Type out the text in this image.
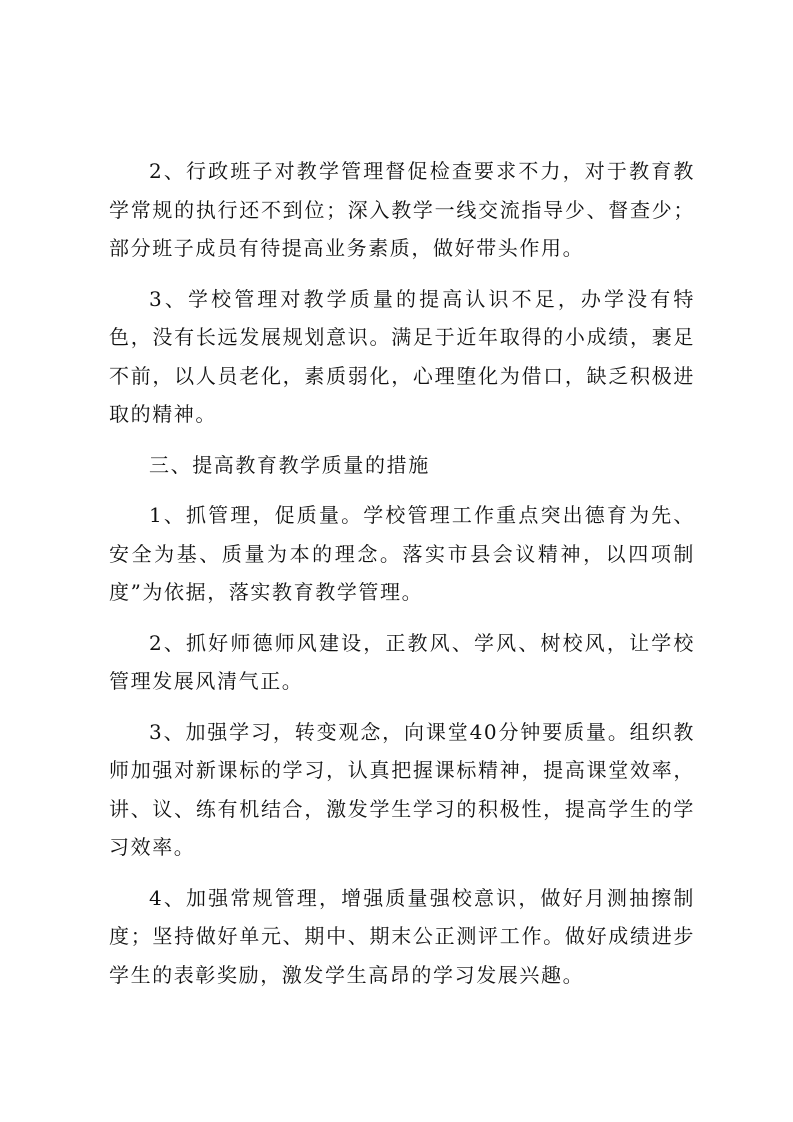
2、行政班子对教学管理督促检查要求不力，对于教育教学常规的执行还不到位；深入教学一线交流指导少、督查少；部分班子成员有待提高业务素质，做好带头作用。

3、学校管理对教学质量的提高认识不足，办学没有特色，没有长远发展规划意识。满足于近年取得的小成绩，裹足不前，以人员老化，素质弱化，心理堕化为借口，缺乏积极进取的精神。

三、提高教育教学质量的措施

1、抓管理，促质量。学校管理工作重点突出德育为先、安全为基、质量为本的理念。落实市县会议精神，以四项制度”为依据，落实教育教学管理。

2、抓好师德师风建设，正教风、学风、树校风，让学校管理发展风清气正。

3、加强学习，转变观念，向课堂40分钟要质量。组织教师加强对新课标的学习，认真把握课标精神，提高课堂效率，讲、议、练有机结合，激发学生学习的积极性，提高学生的学习效率。

4、加强常规管理，增强质量强校意识，做好月测抽擦制度；坚持做好单元、期中、期末公正测评工作。做好成绩进步学生的表彰奖励，激发学生高昂的学习发展兴趣。
